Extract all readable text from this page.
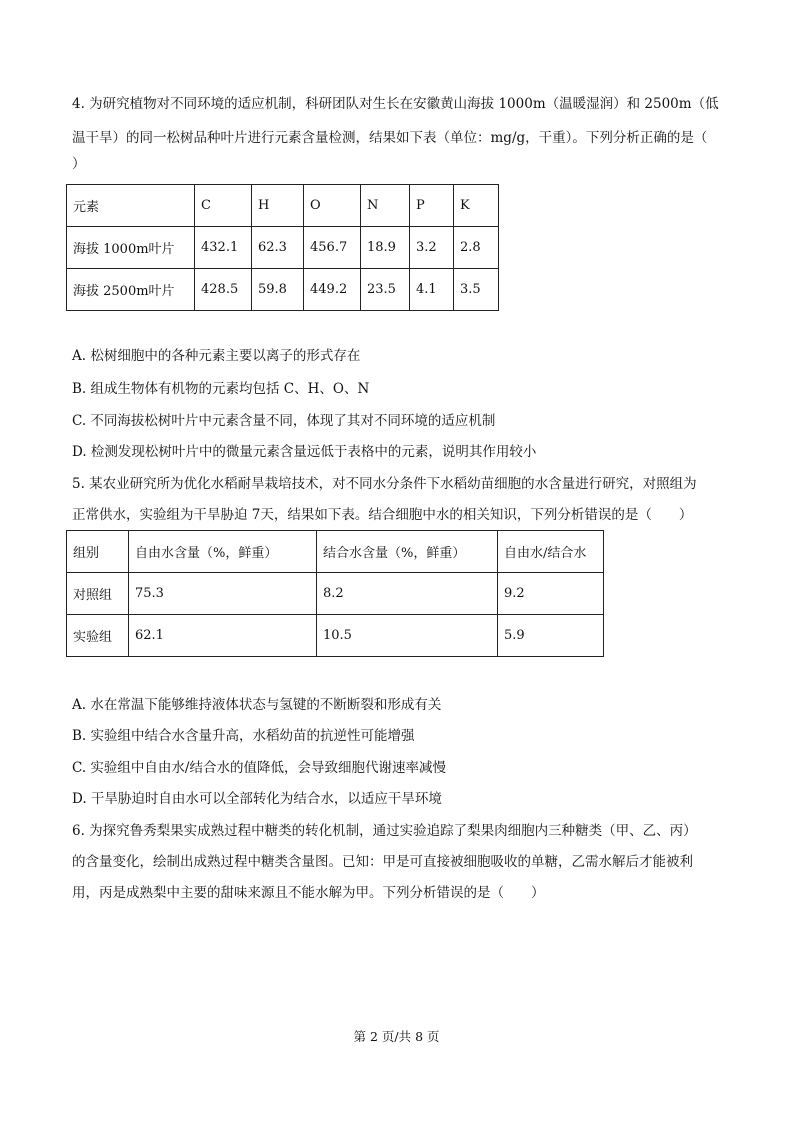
4. 为研究植物对不同环境的适应机制，科研团队对生长在安徽黄山海拔 1000m（温暖湿润）和 2500m（低
温干旱）的同一松树品种叶片进行元素含量检测，结果如下表（单位：mg/g，干重）。下列分析正确的是（
）
元素	C	H	O	N	P	K
海拔 1000m叶片	432.1	62.3	456.7	18.9	3.2	2.8
海拔 2500m叶片	428.5	59.8	449.2	23.5	4.1	3.5
A. 松树细胞中的各种元素主要以离子的形式存在
B. 组成生物体有机物的元素均包括 C、H、O、N
C. 不同海拔松树叶片中元素含量不同，体现了其对不同环境的适应机制
D. 检测发现松树叶片中的微量元素含量远低于表格中的元素，说明其作用较小
5. 某农业研究所为优化水稻耐旱栽培技术，对不同水分条件下水稻幼苗细胞的水含量进行研究，对照组为
正常供水，实验组为干旱胁迫 7天，结果如下表。结合细胞中水的相关知识，下列分析错误的是（　　）
组别	自由水含量（%，鲜重）	结合水含量（%，鲜重）	自由水/结合水
对照组	75.3	8.2	9.2
实验组	62.1	10.5	5.9
A. 水在常温下能够维持液体状态与氢键的不断断裂和形成有关
B. 实验组中结合水含量升高，水稻幼苗的抗逆性可能增强
C. 实验组中自由水/结合水的值降低，会导致细胞代谢速率减慢
D. 干旱胁迫时自由水可以全部转化为结合水，以适应干旱环境
6. 为探究鲁秀梨果实成熟过程中糖类的转化机制，通过实验追踪了梨果肉细胞内三种糖类（甲、乙、丙）
的含量变化，绘制出成熟过程中糖类含量图。已知：甲是可直接被细胞吸收的单糖，乙需水解后才能被利
用，丙是成熟梨中主要的甜味来源且不能水解为甲。下列分析错误的是（　　）
第 2 页/共 8 页
